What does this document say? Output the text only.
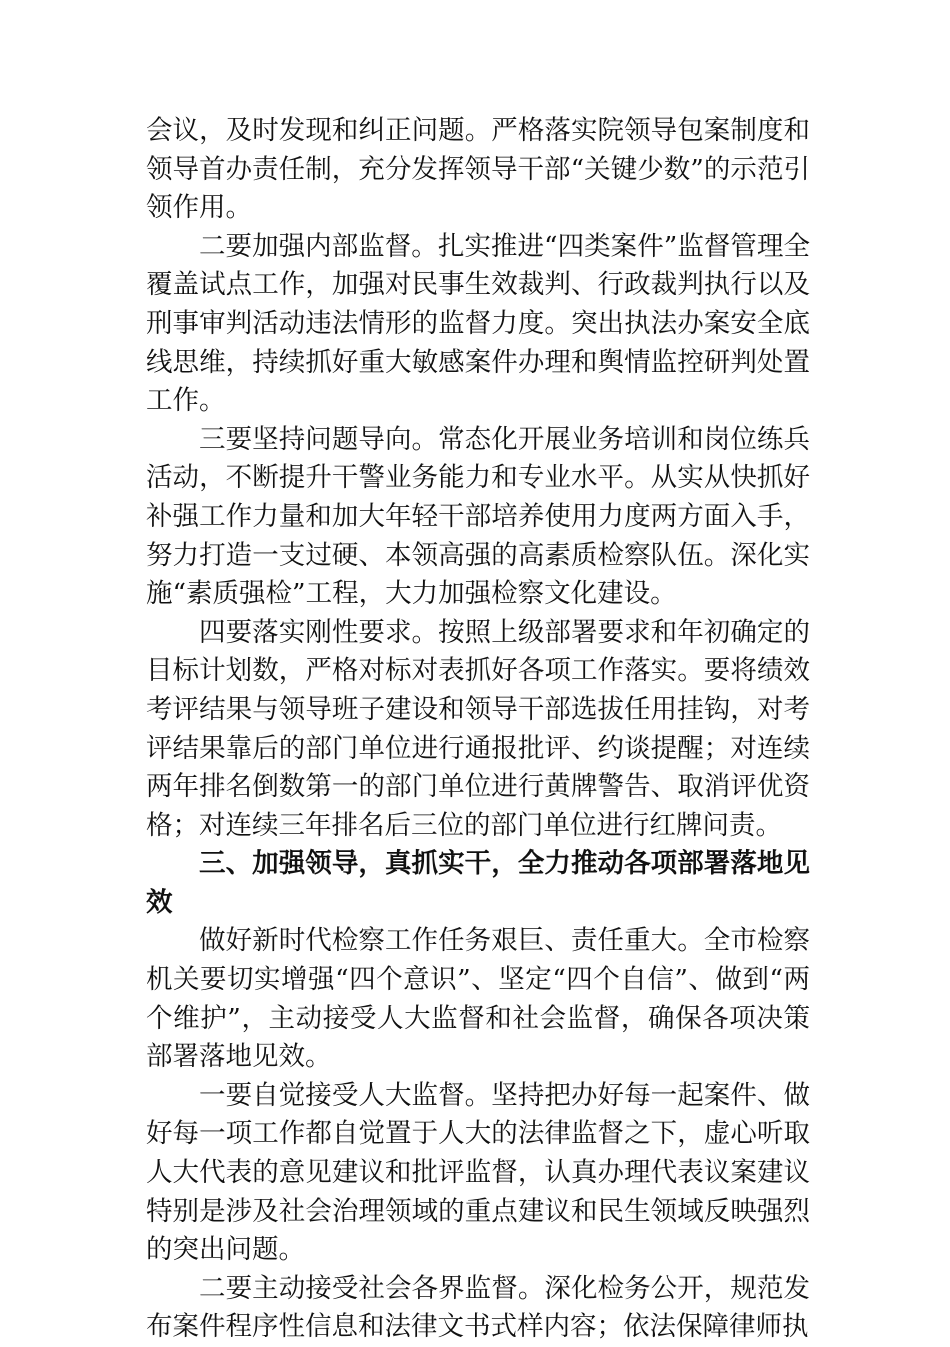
会议，及时发现和纠正问题。严格落实院领导包案制度和领导首办责任制，充分发挥领导干部“关键少数”的示范引领作用。

二要加强内部监督。扎实推进“四类案件”监督管理全覆盖试点工作，加强对民事生效裁判、行政裁判执行以及刑事审判活动违法情形的监督力度。突出执法办案安全底线思维，持续抓好重大敏感案件办理和舆情监控研判处置工作。

三要坚持问题导向。常态化开展业务培训和岗位练兵活动，不断提升干警业务能力和专业水平。从实从快抓好补强工作力量和加大年轻干部培养使用力度两方面入手，努力打造一支过硬、本领高强的高素质检察队伍。深化实施“素质强检”工程，大力加强检察文化建设。

四要落实刚性要求。按照上级部署要求和年初确定的目标计划数，严格对标对表抓好各项工作落实。要将绩效考评结果与领导班子建设和领导干部选拔任用挂钩，对考评结果靠后的部门单位进行通报批评、约谈提醒；对连续两年排名倒数第一的部门单位进行黄牌警告、取消评优资格；对连续三年排名后三位的部门单位进行红牌问责。

三、加强领导，真抓实干，全力推动各项部署落地见效

做好新时代检察工作任务艰巨、责任重大。全市检察机关要切实增强“四个意识”、坚定“四个自信”、做到“两个维护”，主动接受人大监督和社会监督，确保各项决策部署落地见效。

一要自觉接受人大监督。坚持把办好每一起案件、做好每一项工作都自觉置于人大的法律监督之下，虚心听取人大代表的意见建议和批评监督，认真办理代表议案建议特别是涉及社会治理领域的重点建议和民生领域反映强烈的突出问题。

二要主动接受社会各界监督。深化检务公开，规范发布案件程序性信息和法律文书式样内容；依法保障律师执
